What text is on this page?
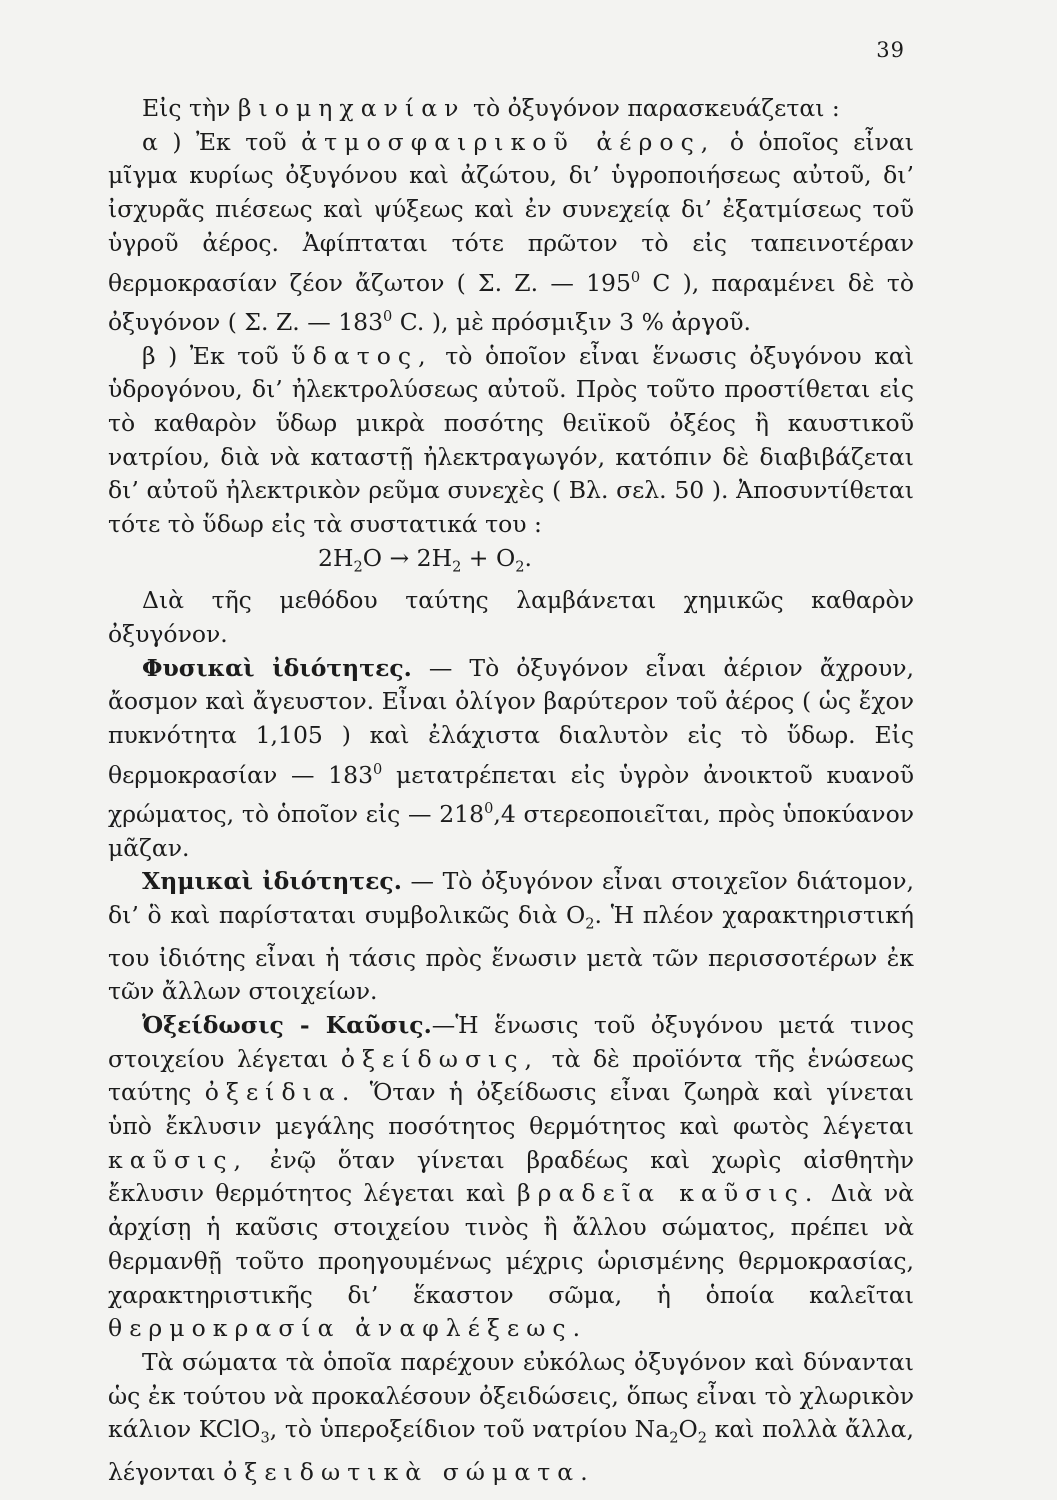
39

Εἰς τὴν βιομηχανίαν τὸ ὀξυγόνον παρασκευάζεται :

α ) Ἐκ τοῦ ἀτμοσφαιρικοῦ ἀέρος, ὁ ὁποῖος εἶναι μῖγμα κυρίως ὀξυγόνου καὶ ἀζώτου, δι’ ὑγροποιήσεως αὐτοῦ, δι’ ἰσχυρᾶς πιέσεως καὶ ψύξεως καὶ ἐν συνεχείᾳ δι’ ἐξατμίσεως τοῦ ὑγροῦ ἀέρος. Ἀφίπταται τότε πρῶτον τὸ εἰς ταπεινοτέραν θερμοκρασίαν ζέον ἄζωτον ( Σ. Ζ. — $195^0$ C ), παραμένει δὲ τὸ ὀξυγόνον ( Σ. Ζ. — $183^0$ C. ), μὲ πρόσμιξιν 3 % ἀργοῦ.

β ) Ἐκ τοῦ ὕδατος, τὸ ὁποῖον εἶναι ἕνωσις ὀξυγόνου καὶ ὑδρογόνου, δι’ ἠλεκτρολύσεως αὐτοῦ. Πρὸς τοῦτο προστίθεται εἰς τὸ καθαρὸν ὕδωρ μικρὰ ποσότης θειϊκοῦ ὀξέος ἢ καυστικοῦ νατρίου, διὰ νὰ καταστῇ ἠλεκτραγωγόν, κατόπιν δὲ διαβιβάζεται δι’ αὐτοῦ ἠλεκτρικὸν ρεῦμα συνεχὲς ( Βλ. σελ. 50 ). Ἀποσυντίθεται τότε τὸ ὕδωρ εἰς τὰ συστατικά του :

$2H_2O \to 2H_2 + O_2$.

Διὰ τῆς μεθόδου ταύτης λαμβάνεται χημικῶς καθαρὸν ὀξυγόνον.

Φυσικαὶ ἰδιότητες. — Τὸ ὀξυγόνον εἶναι ἀέριον ἄχρουν, ἄοσμον καὶ ἄγευστον. Εἶναι ὀλίγον βαρύτερον τοῦ ἀέρος ( ὡς ἔχον πυκνότητα 1,105 ) καὶ ἐλάχιστα διαλυτὸν εἰς τὸ ὕδωρ. Εἰς θερμοκρασίαν — $183^0$ μετατρέπεται εἰς ὑγρὸν ἀνοικτοῦ κυανοῦ χρώματος, τὸ ὁποῖον εἰς — $218^0,4$ στερεοποιεῖται, πρὸς ὑποκύανον μᾶζαν.

Χημικαὶ ἰδιότητες. — Τὸ ὀξυγόνον εἶναι στοιχεῖον διάτομον, δι’ ὃ καὶ παρίσταται συμβολικῶς διὰ $O_2$. Ἡ πλέον χαρακτηριστική του ἰδιότης εἶναι ἡ τάσις πρὸς ἕνωσιν μετὰ τῶν περισσοτέρων ἐκ τῶν ἄλλων στοιχείων.

Ὀξείδωσις - Καῦσις.—Ἡ ἕνωσις τοῦ ὀξυγόνου μετά τινος στοιχείου λέγεται ὀξείδωσις, τὰ δὲ προϊόντα τῆς ἑνώσεως ταύτης ὀξείδια. Ὅταν ἡ ὀξείδωσις εἶναι ζωηρὰ καὶ γίνεται ὑπὸ ἔκλυσιν μεγάλης ποσότητος θερμότητος καὶ φωτὸς λέγεται καῦσις, ἐνῷ ὅταν γίνεται βραδέως καὶ χωρὶς αἰσθητὴν ἔκλυσιν θερμότητος λέγεται καὶ βραδεῖα καῦσις. Διὰ νὰ ἀρχίσῃ ἡ καῦσις στοιχείου τινὸς ἢ ἄλλου σώματος, πρέπει νὰ θερμανθῇ τοῦτο προηγουμένως μέχρις ὡρισμένης θερμοκρασίας, χαρακτηριστικῆς δι’ ἕκαστον σῶμα, ἡ ὁποία καλεῖται θερμοκρασία ἀναφλέξεως.

Τὰ σώματα τὰ ὁποῖα παρέχουν εὐκόλως ὀξυγόνον καὶ δύνανται ὡς ἐκ τούτου νὰ προκαλέσουν ὀξειδώσεις, ὅπως εἶναι τὸ χλωρικὸν κάλιον KClO$_3$, τὸ ὑπεροξείδιον τοῦ νατρίου $Na_2O_2$ καὶ πολλὰ ἄλλα, λέγονται ὀξειδωτικὰ σώματα.
